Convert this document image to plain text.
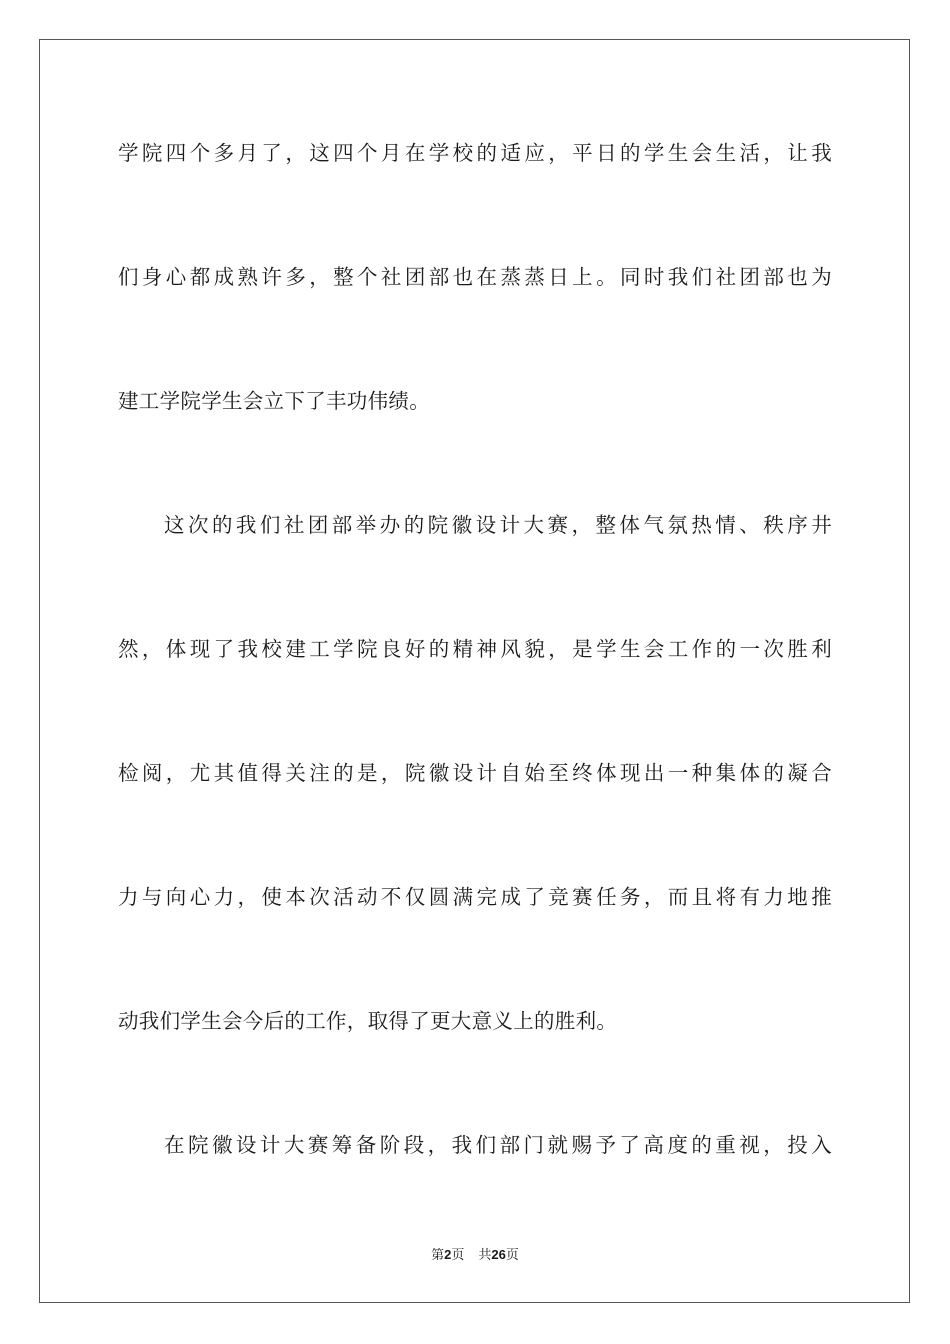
学院四个多月了，这四个月在学校的适应，平日的学生会生活，让我
们身心都成熟许多，整个社团部也在蒸蒸日上。同时我们社团部也为
建工学院学生会立下了丰功伟绩。
这次的我们社团部举办的院徽设计大赛，整体气氛热情、秩序井
然，体现了我校建工学院良好的精神风貌，是学生会工作的一次胜利
检阅，尤其值得关注的是，院徽设计自始至终体现出一种集体的凝合
力与向心力，使本次活动不仅圆满完成了竞赛任务，而且将有力地推
动我们学生会今后的工作，取得了更大意义上的胜利。
在院徽设计大赛筹备阶段，我们部门就赐予了高度的重视，投入
第2页 共26页
